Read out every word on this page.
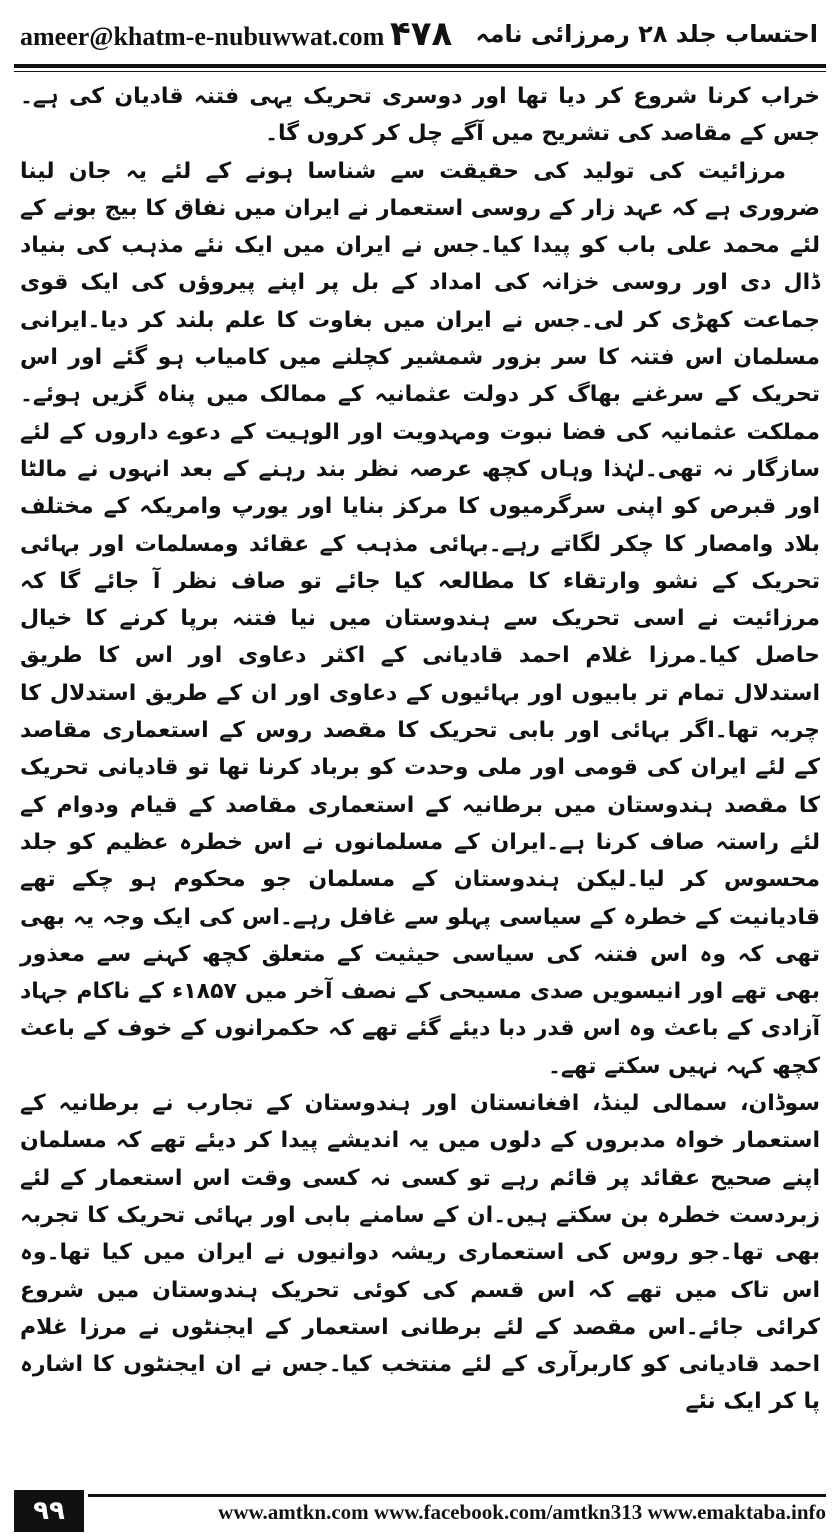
ameer@khatm-e-nubuwwat.com ۴۷۸ احتساب جلد ۲۸ رمرزائی نامہ

خراب کرنا شروع کر دیا تھا اور دوسری تحریک یہی فتنہ قادیان کی ہے۔جس کے مقاصد کی تشریح میں آگے چل کر کروں گا۔

مرزائیت کی تولید کی حقیقت سے شناسا ہونے کے لئے یہ جان لینا ضروری ہے کہ عہد زار کے روسی استعمار نے ایران میں نفاق کا بیج بونے کے لئے محمد علی باب کو پیدا کیا۔جس نے ایران میں ایک نئے مذہب کی بنیاد ڈال دی اور روسی خزانہ کی امداد کے بل پر اپنے پیروؤں کی ایک قوی جماعت کھڑی کر لی۔جس نے ایران میں بغاوت کا علم بلند کر دیا۔ایرانی مسلمان اس فتنہ کا سر بزور شمشیر کچلنے میں کامیاب ہو گئے اور اس تحریک کے سرغنے بھاگ کر دولت عثمانیہ کے ممالک میں پناہ گزیں ہوئے۔مملکت عثمانیہ کی فضا نبوت ومہدویت اور الوہیت کے دعوے داروں کے لئے سازگار نہ تھی۔لہٰذا وہاں کچھ عرصہ نظر بند رہنے کے بعد انہوں نے مالٹا اور قبرص کو اپنی سرگرمیوں کا مرکز بنایا اور یورپ وامریکہ کے مختلف بلاد وامصار کا چکر لگاتے رہے۔بہائی مذہب کے عقائد ومسلمات اور بہائی تحریک کے نشو وارتقاء کا مطالعہ کیا جائے تو صاف نظر آ جائے گا کہ مرزائیت نے اسی تحریک سے ہندوستان میں نیا فتنہ برپا کرنے کا خیال حاصل کیا۔مرزا غلام احمد قادیانی کے اکثر دعاوی اور اس کا طریق استدلال تمام تر بابیوں اور بہائیوں کے دعاوی اور ان کے طریق استدلال کا چربہ تھا۔اگر بہائی اور بابی تحریک کا مقصد روس کے استعماری مقاصد کے لئے ایران کی قومی اور ملی وحدت کو برباد کرنا تھا تو قادیانی تحریک کا مقصد ہندوستان میں برطانیہ کے استعماری مقاصد کے قیام ودوام کے لئے راستہ صاف کرنا ہے۔ایران کے مسلمانوں نے اس خطرہ عظیم کو جلد محسوس کر لیا۔لیکن ہندوستان کے مسلمان جو محکوم ہو چکے تھے قادیانیت کے خطرہ کے سیاسی پہلو سے غافل رہے۔اس کی ایک وجہ یہ بھی تھی کہ وہ اس فتنہ کی سیاسی حیثیت کے متعلق کچھ کہنے سے معذور بھی تھے اور انیسویں صدی مسیحی کے نصف آخر میں ۱۸۵۷ء کے ناکام جہاد آزادی کے باعث وہ اس قدر دبا دیئے گئے تھے کہ حکمرانوں کے خوف کے باعث کچھ کہہ نہیں سکتے تھے۔

سوڈان، سمالی لینڈ، افغانستان اور ہندوستان کے تجارب نے برطانیہ کے استعمار خواہ مدبروں کے دلوں میں یہ اندیشے پیدا کر دیئے تھے کہ مسلمان اپنے صحیح عقائد پر قائم رہے تو کسی نہ کسی وقت اس استعمار کے لئے زبردست خطرہ بن سکتے ہیں۔ان کے سامنے بابی اور بہائی تحریک کا تجربہ بھی تھا۔جو روس کی استعماری ریشہ دوانیوں نے ایران میں کیا تھا۔وہ اس تاک میں تھے کہ اس قسم کی کوئی تحریک ہندوستان میں شروع کرائی جائے۔اس مقصد کے لئے برطانی استعمار کے ایجنٹوں نے مرزا غلام احمد قادیانی کو کاربرآری کے لئے منتخب کیا۔جس نے ان ایجنٹوں کا اشارہ پا کر ایک نئے

۹۹	www.amtkn.com www.facebook.com/amtkn313 www.emaktaba.info
